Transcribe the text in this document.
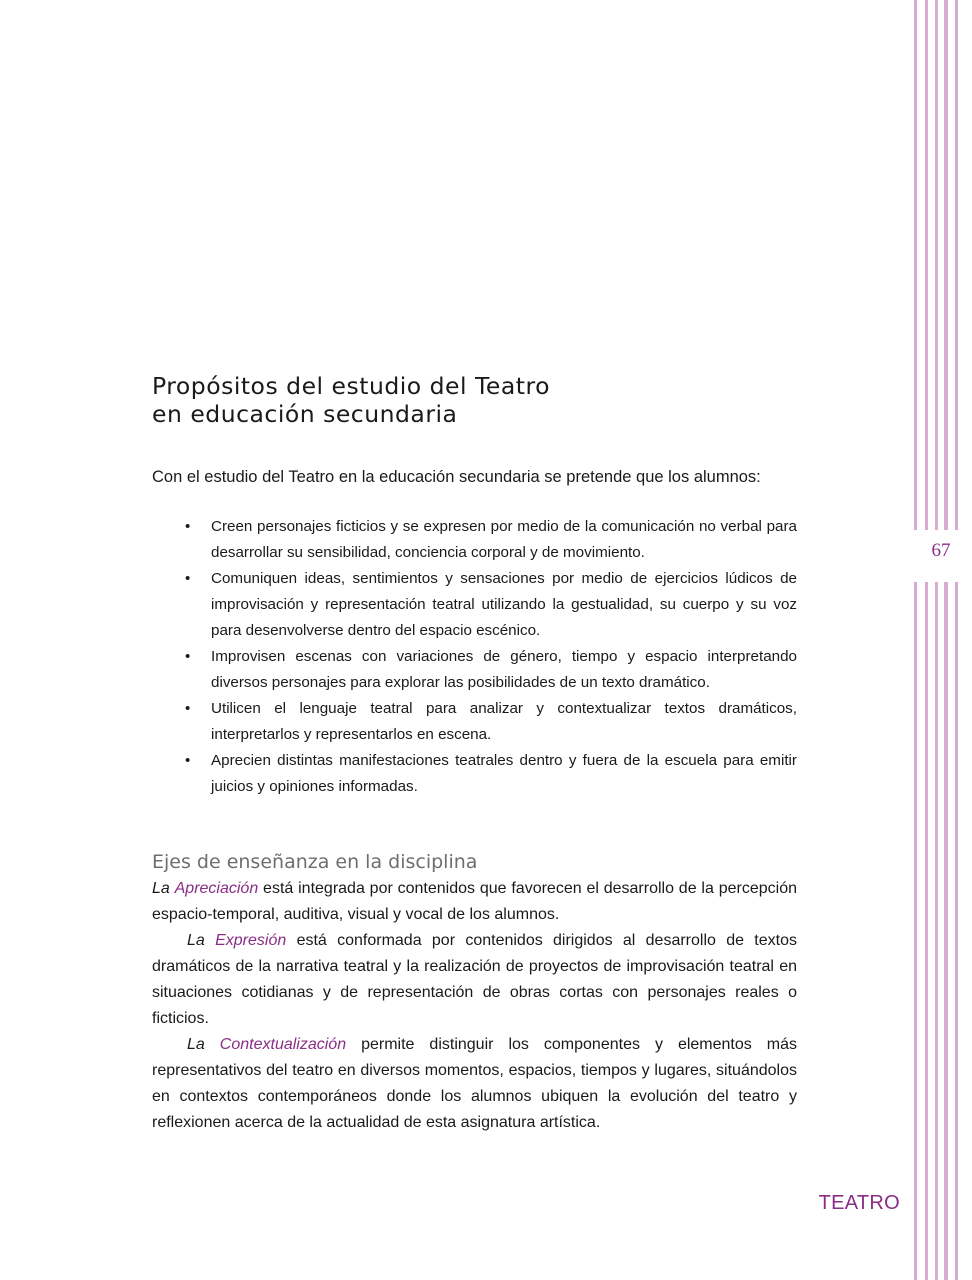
67
Propósitos del estudio del Teatro
en educación secundaria

Con el estudio del Teatro en la educación secundaria se pretende que los alumnos:

• Creen personajes ficticios y se expresen por medio de la comunicación no verbal para desarrollar su sensibilidad, conciencia corporal y de movimiento.
• Comuniquen ideas, sentimientos y sensaciones por medio de ejercicios lúdicos de improvisación y representación teatral utilizando la gestualidad, su cuerpo y su voz para desenvolverse dentro del espacio escénico.
• Improvisen escenas con variaciones de género, tiempo y espacio interpretando diversos personajes para explorar las posibilidades de un texto dramático.
• Utilicen el lenguaje teatral para analizar y contextualizar textos dramáticos, interpretarlos y representarlos en escena.
• Aprecien distintas manifestaciones teatrales dentro y fuera de la escuela para emitir juicios y opiniones informadas.
Ejes de enseñanza en la disciplina

La Apreciación está integrada por contenidos que favorecen el desarrollo de la percepción espacio-temporal, auditiva, visual y vocal de los alumnos.

La Expresión está conformada por contenidos dirigidos al desarrollo de textos dramáticos de la narrativa teatral y la realización de proyectos de improvisación teatral en situaciones cotidianas y de representación de obras cortas con personajes reales o ficticios.

La Contextualización permite distinguir los componentes y elementos más representativos del teatro en diversos momentos, espacios, tiempos y lugares, situándolos en contextos contemporáneos donde los alumnos ubiquen la evolución del teatro y reflexionen acerca de la actualidad de esta asignatura artística.

TEATRO
